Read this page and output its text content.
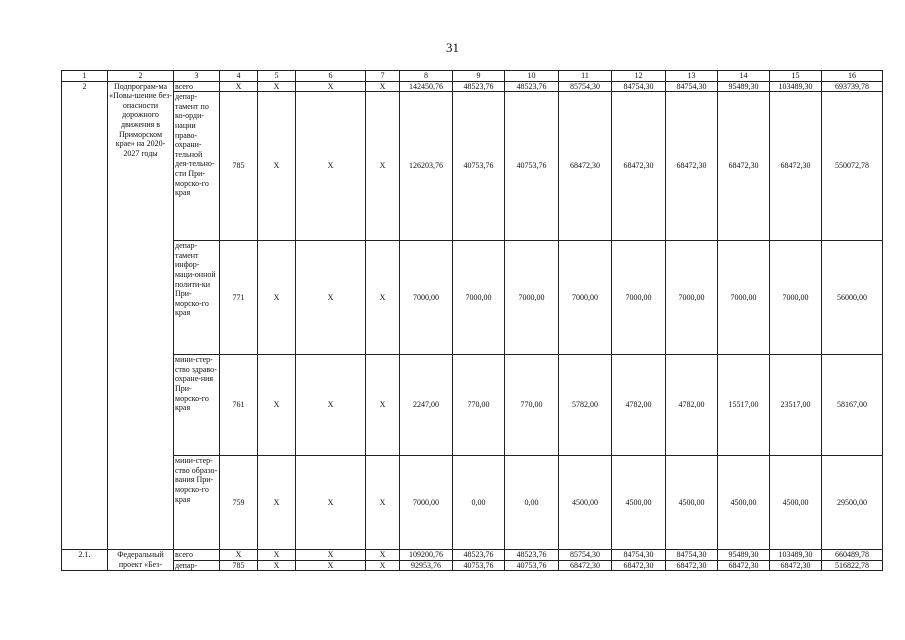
31
1	2	3	4	5	6	7	8	9	10	11	12	13	14	15	16
2	Подпрограм-ма «Повы-шение без-опасности дорожного движения в Приморском крае» на 2020-2027 годы	всего	X	X	X	X	142450,76	48523,76	48523,76	85754,30	84754,30	84754,30	95489,30	103489,30	693739,78
		депар-тамент по ко-орди-нации право-охрани-тельной дея-тельно-сти При-морско-го края	785	X	X	X	126203,76	40753,76	40753,76	68472,30	68472,30	68472,30	68472,30	68472,30	550072,78
		депар-тамент инфор-маци-онной полити-ки При-морско-го края	771	X	X	X	7000,00	7000,00	7000,00	7000,00	7000,00	7000,00	7000,00	7000,00	56000,00
		мини-стер-ство здраво-охране-ния При-морско-го края	761	X	X	X	2247,00	770,00	770,00	5782,00	4782,00	4782,00	15517,00	23517,00	58167,00
		мини-стер-ство образо-вания При-морско-го края	759	X	X	X	7000,00	0,00	0,00	4500,00	4500,00	4500,00	4500,00	4500,00	29500,00
2.1.	Федеральный проект «Без-	всего	X	X	X	X	109200,76	48523,76	48523,76	85754,30	84754,30	84754,30	95489,30	103489,30	660489,78
		депар-	785	X	X	X	92953,76	40753,76	40753,76	68472,30	68472,30	68472,30	68472,30	68472,30	516822,78
